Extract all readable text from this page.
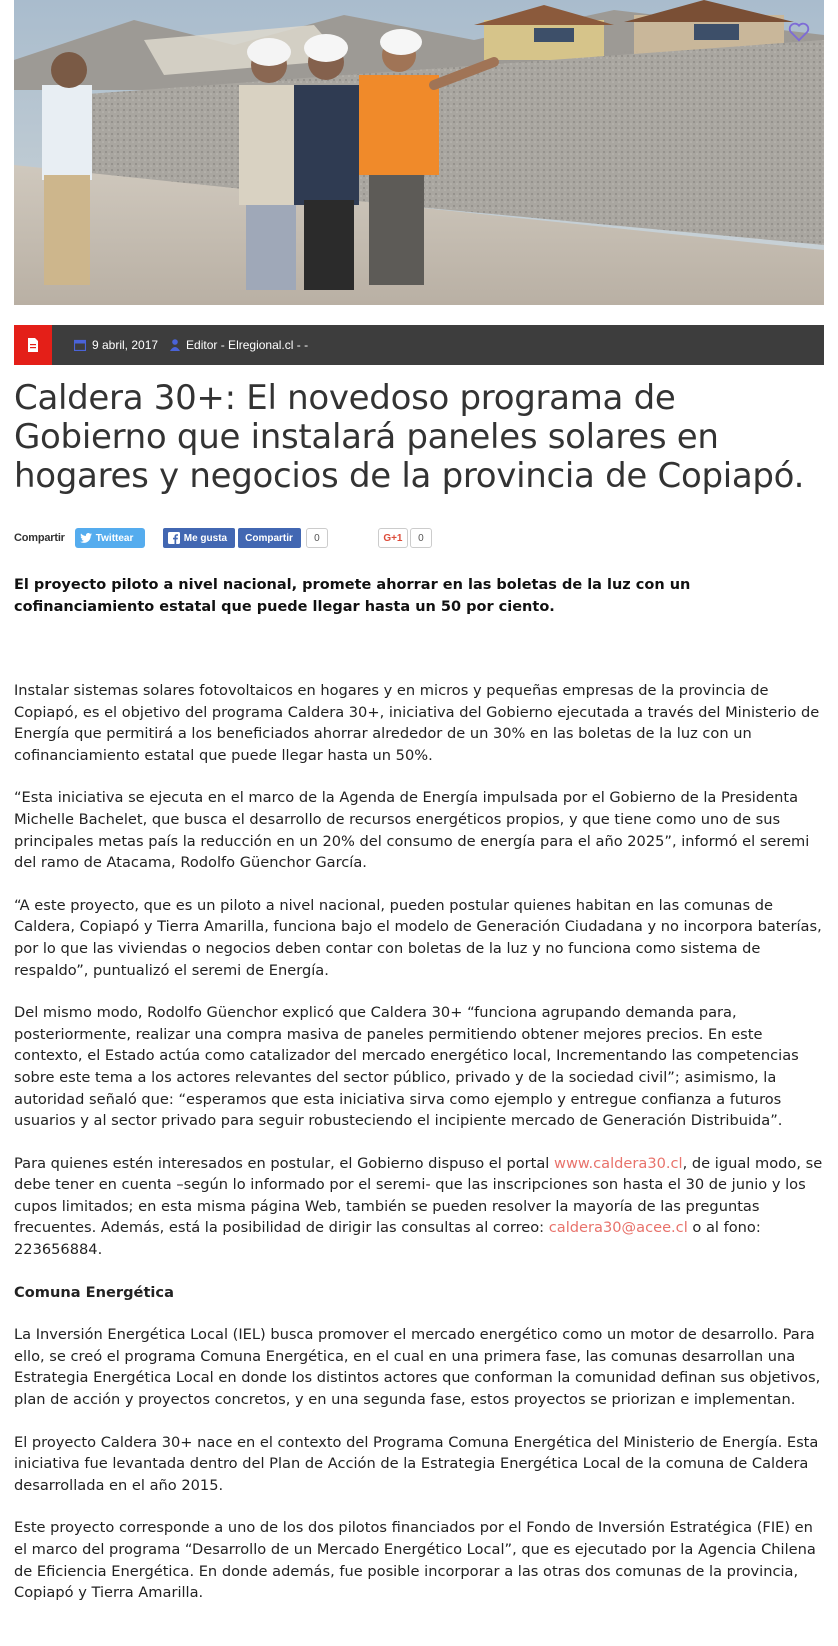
9 abril, 2017 Editor - Elregional.cl - -
Caldera 30+: El novedoso programa de Gobierno que instalará paneles solares en hogares y negocios de la provincia de Copiapó.
Compartir	Twittear	Me gusta Compartir	0	G+1	0

El proyecto piloto a nivel nacional, promete ahorrar en las boletas de la luz con un cofinanciamiento estatal que puede llegar hasta un 50 por ciento.

Instalar sistemas solares fotovoltaicos en hogares y en micros y pequeñas empresas de la provincia de Copiapó, es el objetivo del programa Caldera 30+, iniciativa del Gobierno ejecutada a través del Ministerio de Energía que permitirá a los beneficiados ahorrar alrededor de un 30% en las boletas de la luz con un cofinanciamiento estatal que puede llegar hasta un 50%.

“Esta iniciativa se ejecuta en el marco de la Agenda de Energía impulsada por el Gobierno de la Presidenta Michelle Bachelet, que busca el desarrollo de recursos energéticos propios, y que tiene como uno de sus principales metas país la reducción en un 20% del consumo de energía para el año 2025”, informó el seremi del ramo de Atacama, Rodolfo Güenchor García.

“A este proyecto, que es un piloto a nivel nacional, pueden postular quienes habitan en las comunas de Caldera, Copiapó y Tierra Amarilla, funciona bajo el modelo de Generación Ciudadana y no incorpora baterías, por lo que las viviendas o negocios deben contar con boletas de la luz y no funciona como sistema de respaldo”, puntualizó el seremi de Energía.

Del mismo modo, Rodolfo Güenchor explicó que Caldera 30+ “funciona agrupando demanda para, posteriormente, realizar una compra masiva de paneles permitiendo obtener mejores precios. En este contexto, el Estado actúa como catalizador del mercado energético local, Incrementando las competencias sobre este tema a los actores relevantes del sector público, privado y de la sociedad civil”; asimismo, la autoridad señaló que: “esperamos que esta iniciativa sirva como ejemplo y entregue confianza a futuros usuarios y al sector privado para seguir robusteciendo el incipiente mercado de Generación Distribuida”.

Para quienes estén interesados en postular, el Gobierno dispuso el portal www.caldera30.cl, de igual modo, se debe tener en cuenta –según lo informado por el seremi- que las inscripciones son hasta el 30 de junio y los cupos limitados; en esta misma página Web, también se pueden resolver la mayoría de las preguntas frecuentes. Además, está la posibilidad de dirigir las consultas al correo: caldera30@acee.cl o al fono: 223656884.

Comuna Energética

La Inversión Energética Local (IEL) busca promover el mercado energético como un motor de desarrollo. Para ello, se creó el programa Comuna Energética, en el cual en una primera fase, las comunas desarrollan una Estrategia Energética Local en donde los distintos actores que conforman la comunidad definan sus objetivos, plan de acción y proyectos concretos, y en una segunda fase, estos proyectos se priorizan e implementan.

El proyecto Caldera 30+ nace en el contexto del Programa Comuna Energética del Ministerio de Energía. Esta iniciativa fue levantada dentro del Plan de Acción de la Estrategia Energética Local de la comuna de Caldera desarrollada en el año 2015.

Este proyecto corresponde a uno de los dos pilotos financiados por el Fondo de Inversión Estratégica (FIE) en el marco del programa “Desarrollo de un Mercado Energético Local”, que es ejecutado por la Agencia Chilena de Eficiencia Energética. En donde además, fue posible incorporar a las otras dos comunas de la provincia, Copiapó y Tierra Amarilla.
